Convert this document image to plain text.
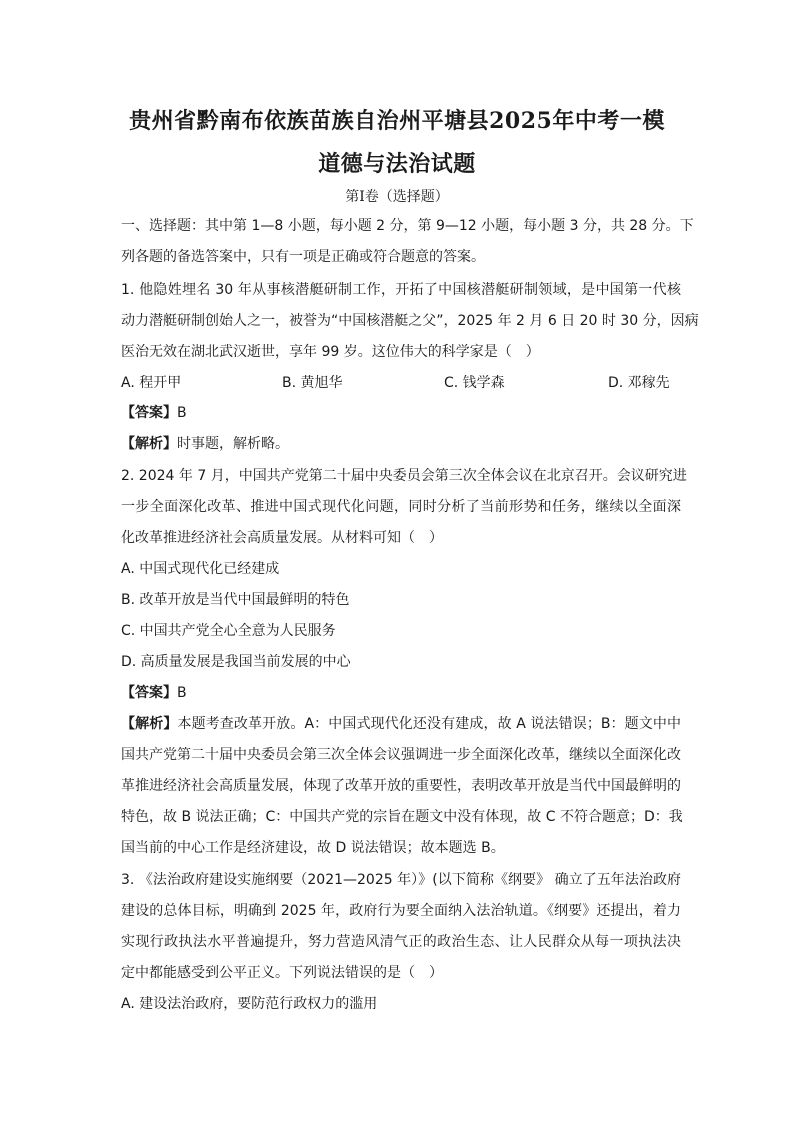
贵州省黔南布依族苗族自治州平塘县2025年中考一模
道德与法治试题
第Ⅰ卷（选择题）
一、选择题：其中第 1—8 小题，每小题 2 分，第 9—12 小题，每小题 3 分，共 28 分。下
列各题的备选答案中，只有一项是正确或符合题意的答案。
1. 他隐姓埋名 30 年从事核潜艇研制工作，开拓了中国核潜艇研制领域，是中国第一代核
动力潜艇研制创始人之一，被誉为“中国核潜艇之父”，2025 年 2 月 6 日 20 时 30 分，因病
医治无效在湖北武汉逝世，享年 99 岁。这位伟大的科学家是（　）
A. 程开甲	B. 黄旭华	C. 钱学森	D. 邓稼先
【答案】B
【解析】时事题，解析略。
2. 2024 年 7 月，中国共产党第二十届中央委员会第三次全体会议在北京召开。会议研究进
一步全面深化改革、推进中国式现代化问题，同时分析了当前形势和任务，继续以全面深
化改革推进经济社会高质量发展。从材料可知（　）
A. 中国式现代化已经建成
B. 改革开放是当代中国最鲜明的特色
C. 中国共产党全心全意为人民服务
D. 高质量发展是我国当前发展的中心
【答案】B
【解析】本题考查改革开放。A：中国式现代化还没有建成，故 A 说法错误；B：题文中中
国共产党第二十届中央委员会第三次全体会议强调进一步全面深化改革，继续以全面深化改
革推进经济社会高质量发展，体现了改革开放的重要性，表明改革开放是当代中国最鲜明的
特色，故 B 说法正确；C：中国共产党的宗旨在题文中没有体现，故 C 不符合题意；D：我
国当前的中心工作是经济建设，故 D 说法错误；故本题选 B。
3. 《法治政府建设实施纲要（2021—2025 年）》(以下简称《纲要》 确立了五年法治政府
建设的总体目标，明确到 2025 年，政府行为要全面纳入法治轨道。《纲要》还提出，着力
实现行政执法水平普遍提升，努力营造风清气正的政治生态、让人民群众从每一项执法决
定中都能感受到公平正义。下列说法错误的是（　）
A. 建设法治政府，要防范行政权力的滥用
